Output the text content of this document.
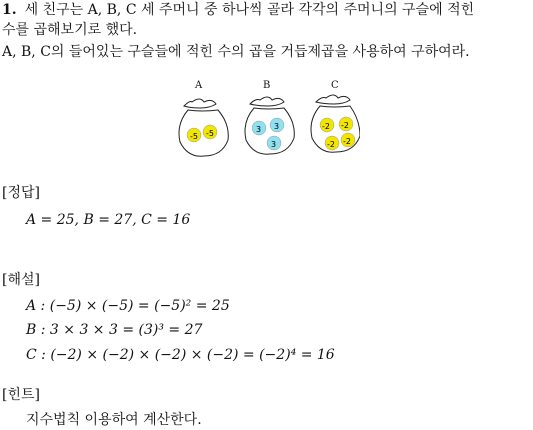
1. 세 친구는 A, B, C 세 주머니 중 하나씩 골라 각각의 주머니의 구슬에 적힌
수를 곱해보기로 했다.
A, B, C의 들어있는 구슬들에 적힌 수의 곱을 거듭제곱을 사용하여 구하여라.
A	B	C
-5 -5	3 3
3
-2 -2
-2 -2
[정답]
A = 25, B = 27, C = 16
[해설]
A : (−5) × (−5) = (−5)² = 25
B : 3 × 3 × 3 = (3)³ = 27
C : (−2) × (−2) × (−2) × (−2) = (−2)⁴ = 16
[힌트]
지수법칙 이용하여 계산한다.
